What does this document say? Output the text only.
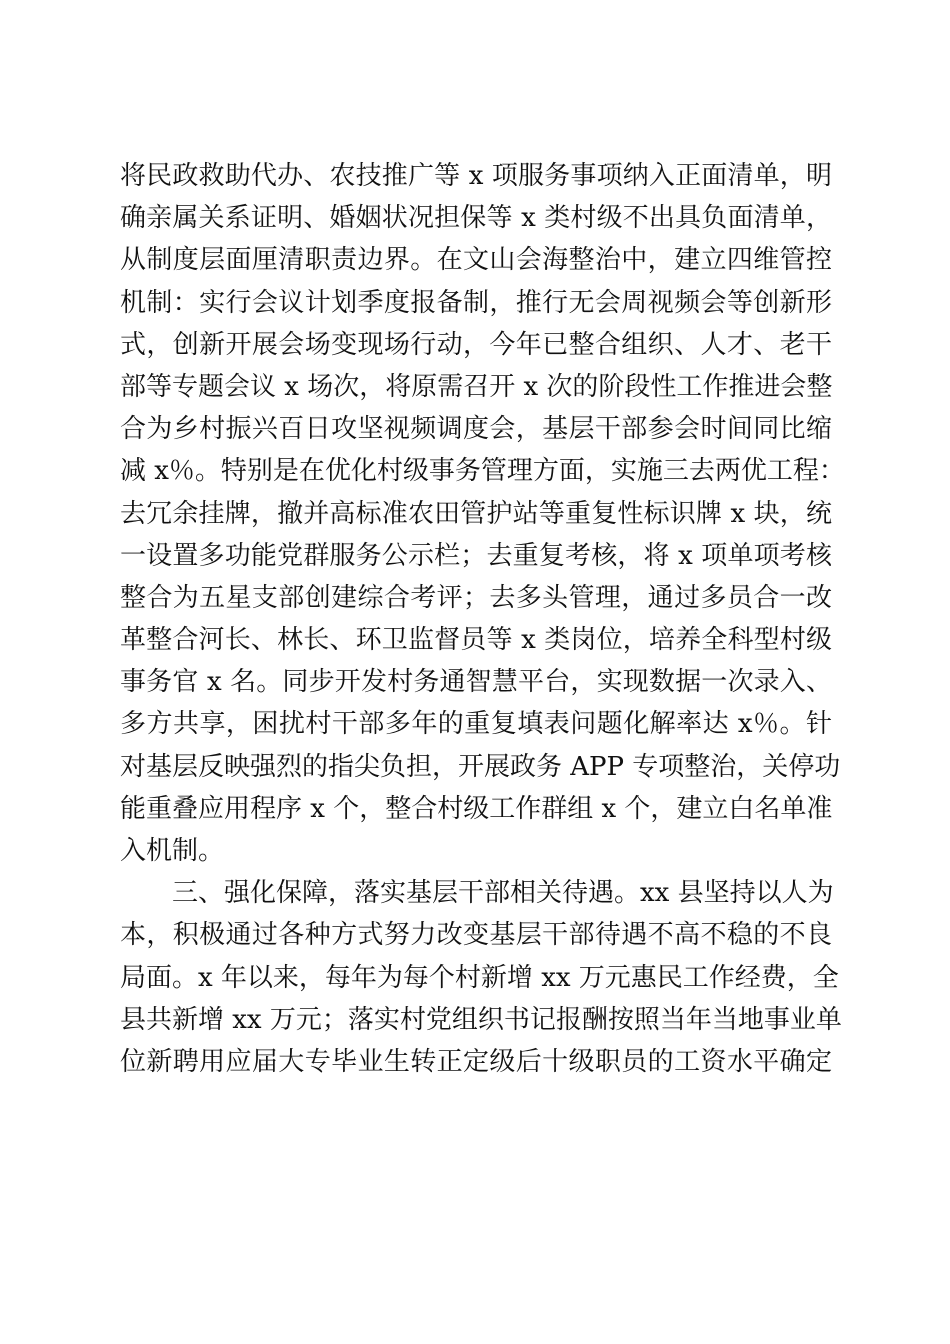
将民政救助代办、农技推广等 x 项服务事项纳入正面清单，明
确亲属关系证明、婚姻状况担保等 x 类村级不出具负面清单，
从制度层面厘清职责边界。在文山会海整治中，建立四维管控
机制：实行会议计划季度报备制，推行无会周视频会等创新形
式，创新开展会场变现场行动，今年已整合组织、人才、老干
部等专题会议 x 场次，将原需召开 x 次的阶段性工作推进会整
合为乡村振兴百日攻坚视频调度会，基层干部参会时间同比缩
减 x％。特别是在优化村级事务管理方面，实施三去两优工程：
去冗余挂牌，撤并高标准农田管护站等重复性标识牌 x 块，统
一设置多功能党群服务公示栏；去重复考核，将 x 项单项考核
整合为五星支部创建综合考评；去多头管理，通过多员合一改
革整合河长、林长、环卫监督员等 x 类岗位，培养全科型村级
事务官 x 名。同步开发村务通智慧平台，实现数据一次录入、
多方共享，困扰村干部多年的重复填表问题化解率达 x％。针
对基层反映强烈的指尖负担，开展政务 APP 专项整治，关停功
能重叠应用程序 x 个，整合村级工作群组 x 个，建立白名单准
入机制。
三、强化保障，落实基层干部相关待遇。xx 县坚持以人为
本，积极通过各种方式努力改变基层干部待遇不高不稳的不良
局面。x 年以来，每年为每个村新增 xx 万元惠民工作经费，全
县共新增 xx 万元；落实村党组织书记报酬按照当年当地事业单
位新聘用应届大专毕业生转正定级后十级职员的工资水平确定
